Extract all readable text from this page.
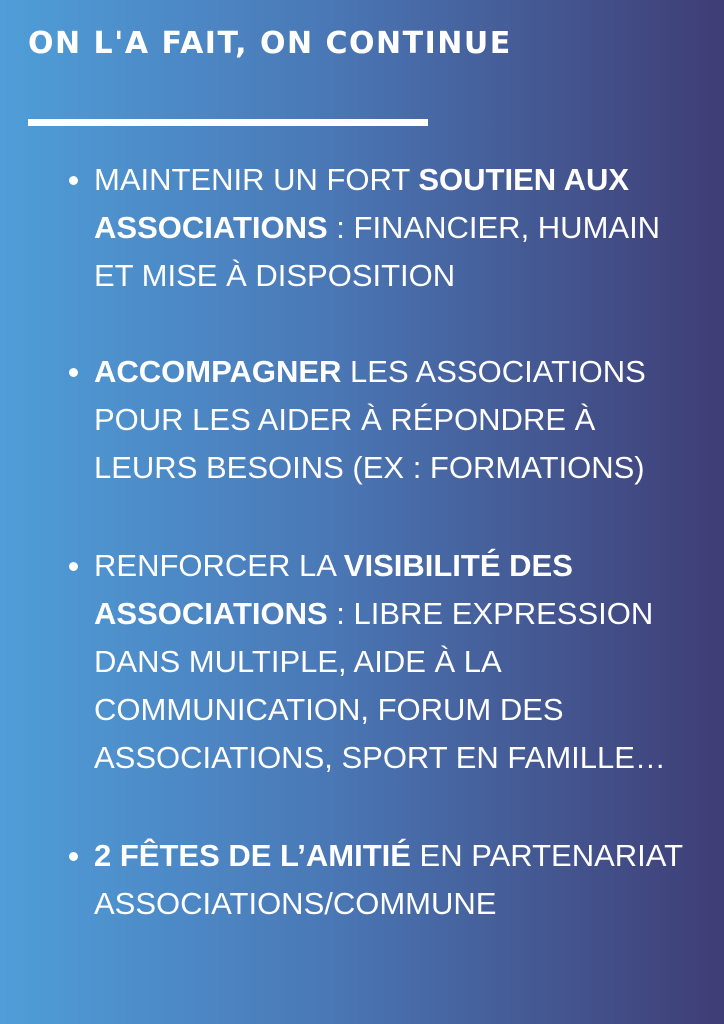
ON L'A FAIT, ON CONTINUE
MAINTENIR UN FORT SOUTIEN AUX ASSOCIATIONS : FINANCIER, HUMAIN ET MISE À DISPOSITION
ACCOMPAGNER LES ASSOCIATIONS POUR LES AIDER À RÉPONDRE À LEURS BESOINS (EX : FORMATIONS)
RENFORCER LA VISIBILITÉ DES ASSOCIATIONS : LIBRE EXPRESSION DANS MULTIPLE, AIDE À LA COMMUNICATION, FORUM DES ASSOCIATIONS, SPORT EN FAMILLE…
2 FÊTES DE L’AMITIÉ EN PARTENARIAT ASSOCIATIONS/COMMUNE
